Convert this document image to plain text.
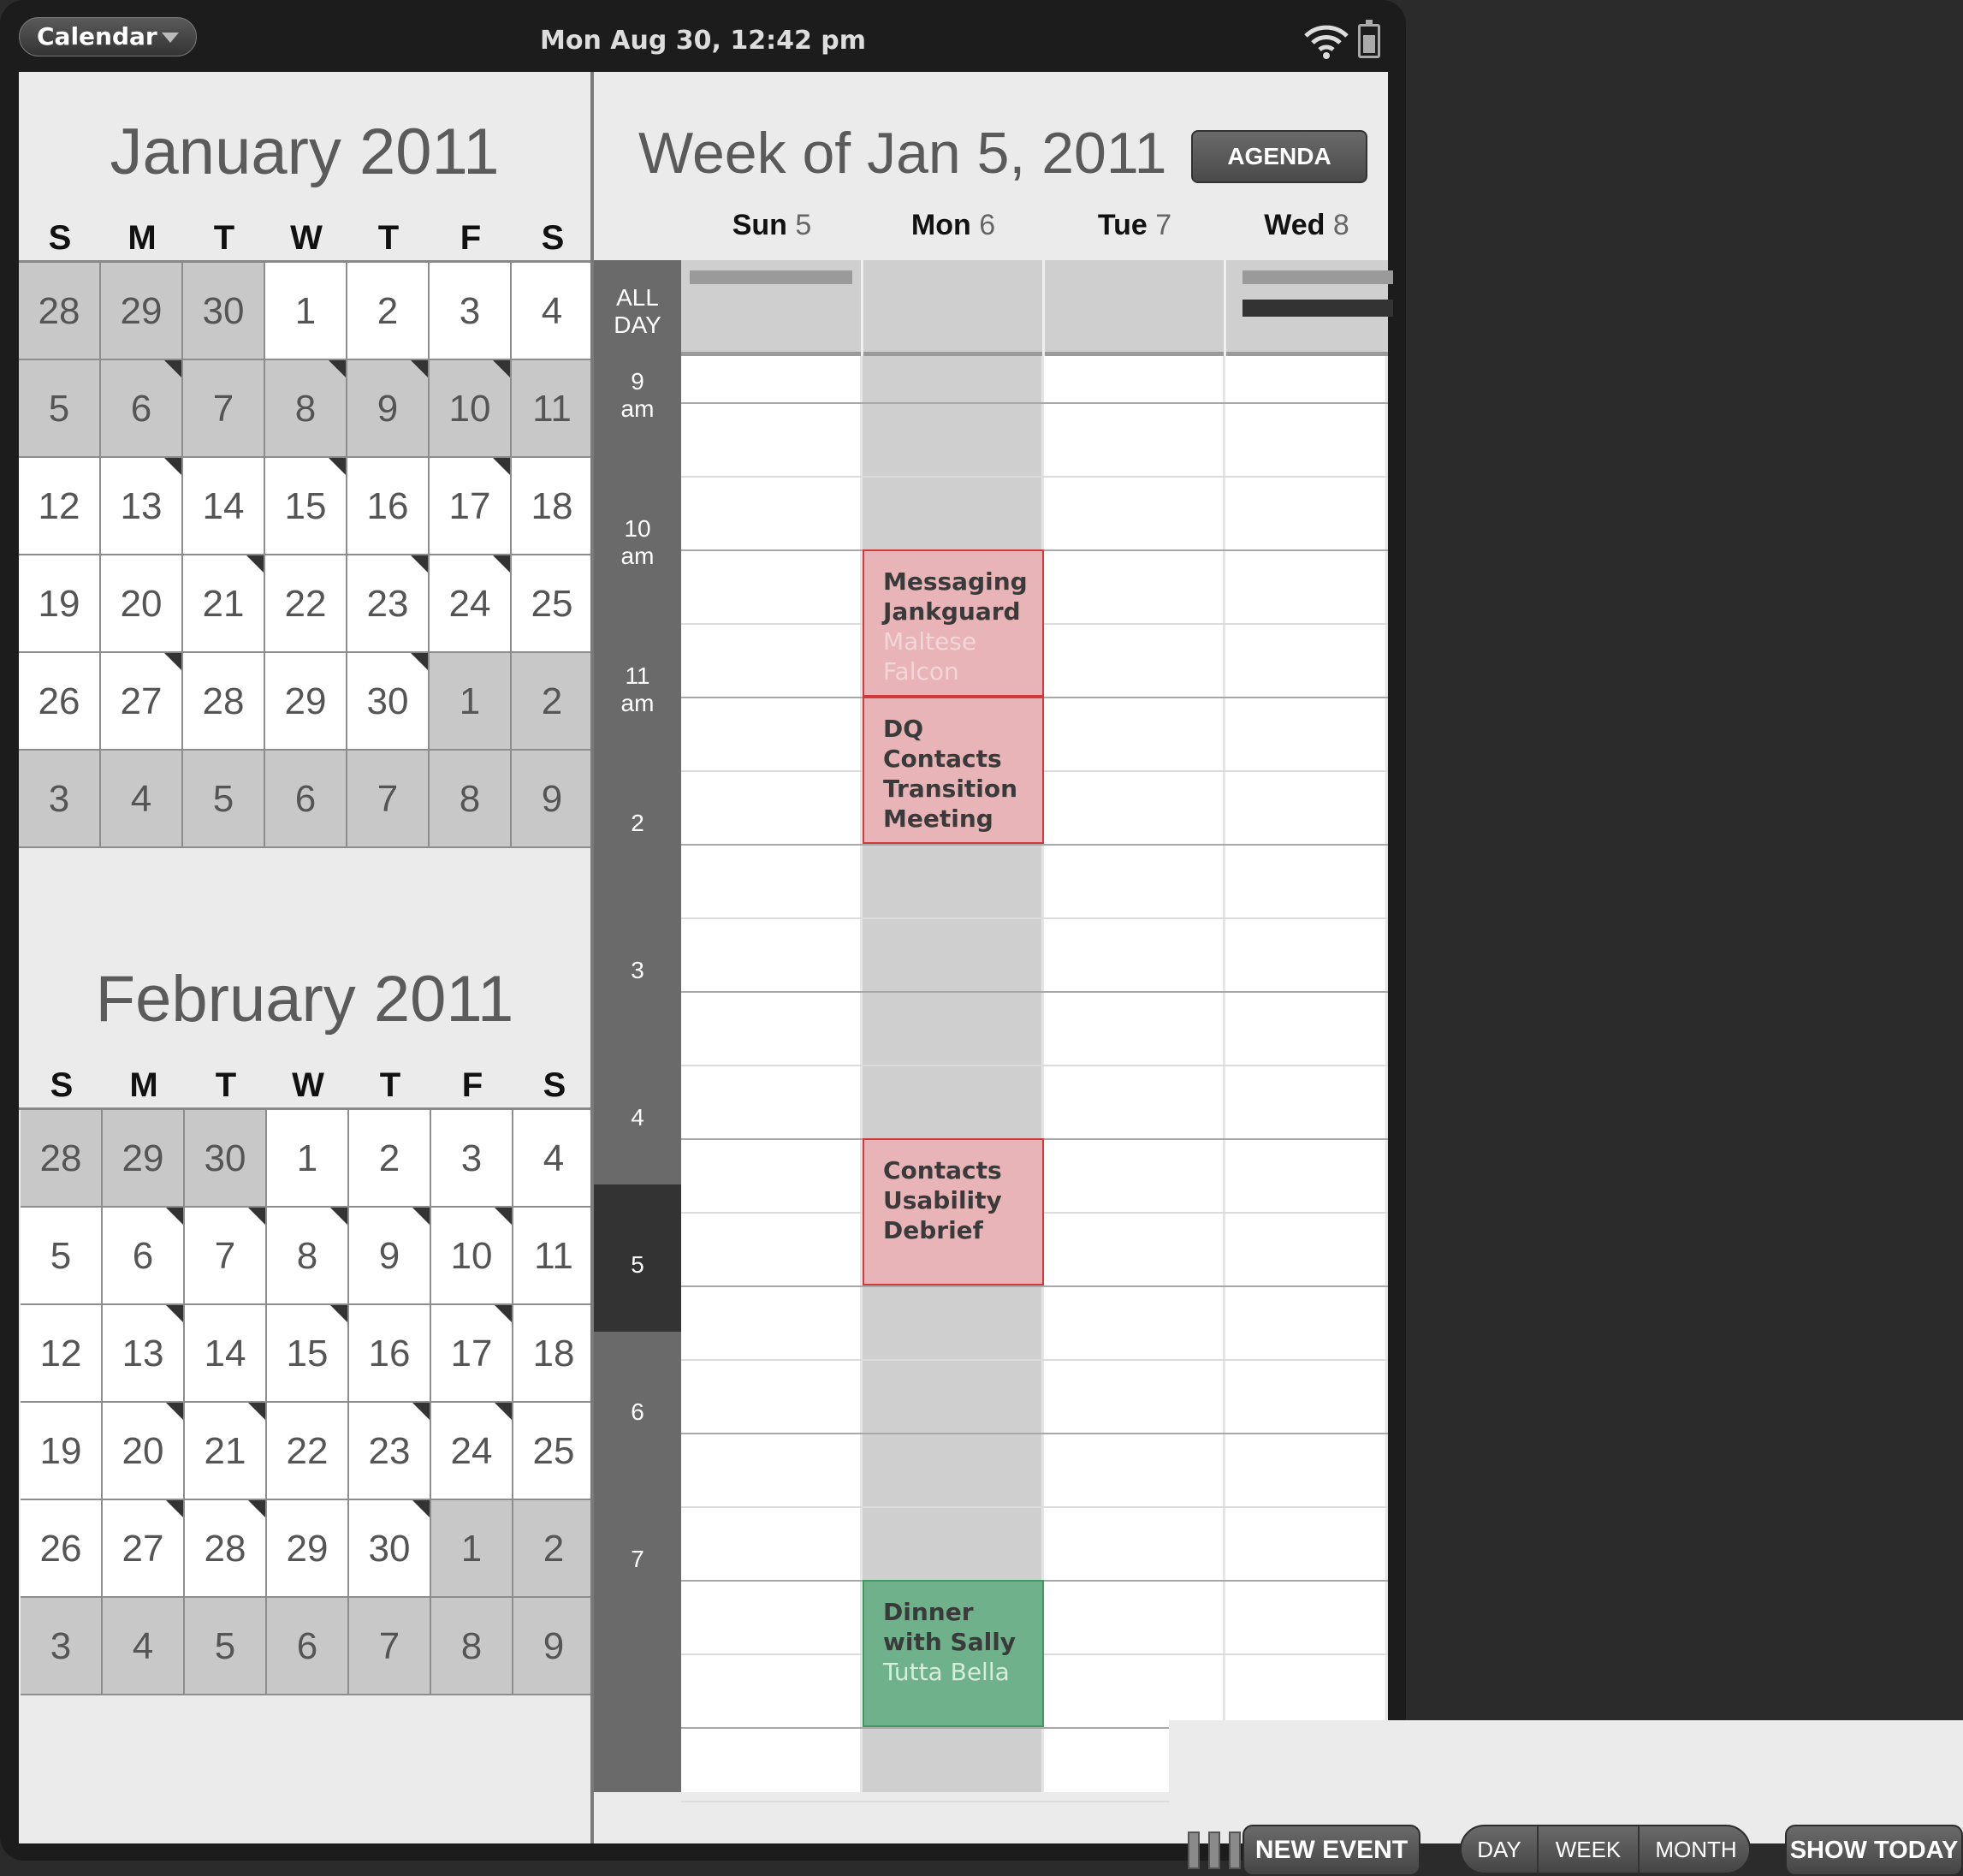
Calendar	Mon Aug 30, 12:42 pm
January 2011
S	M	T	W	T	F	S
28	29	30	1	2	3	4
5	6	7	8	9	10	11
12	13	14	15	16	17	18
19	20	21	22	23	24	25
26	27	28	29	30	1	2
3	4	5	6	7	8	9
February 2011
S	M	T	W	T	F	S
28	29	30	1	2	3	4
5	6	7	8	9	10	11
12	13	14	15	16	17	18
19	20	21	22	23	24	25
26	27	28	29	30	1	2
3	4	5	6	7	8	9
Week of Jan 5, 2011	AGENDA
Sun 5	Mon 6	Tue 7	Wed 8
ALL
DAY
9
am
10
am
11
am
2
3
4
5
6
7
Messaging Jankguard
Maltese Falcon
DQ Contacts Transition Meeting
Contacts Usability Debrief
Dinner with Sally
Tutta Bella
NEW EVENT	DAY	WEEK	MONTH	SHOW TODAY
